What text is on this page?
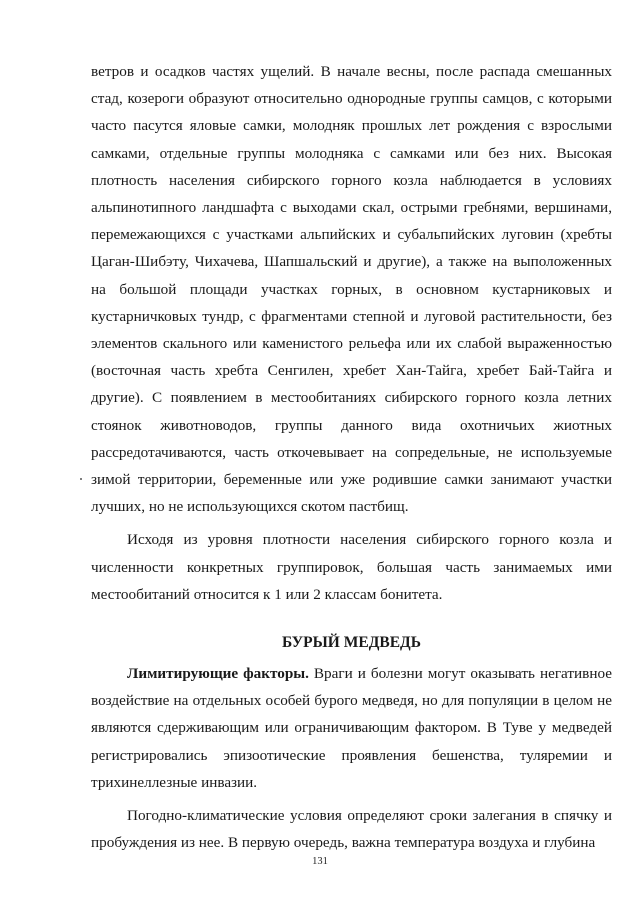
ветров и осадков частях ущелий. В начале весны, после распада смешанных стад, козероги образуют относительно однородные группы самцов, с которыми часто пасутся яловые самки, молодняк прошлых лет рождения с взрослыми самками, отдельные группы молодняка с самками или без них. Высокая плотность населения сибирского горного козла наблюдается в условиях альпинотипного ландшафта с выходами скал, острыми гребнями, вершинами, перемежающихся с участками альпийских и субальпийских луговин (хребты Цаган-Шибэту, Чихачева, Шапшальский и другие), а также на выположенных на большой площади участках горных, в основном кустарниковых и кустарничковых тундр, с фрагментами степной и луговой растительности, без элементов скального или каменистого рельефа или их слабой выраженностью (восточная часть хребта Сенгилен, хребет Хан-Тайга, хребет Бай-Тайга и другие). С появлением в местообитаниях сибирского горного козла летних стоянок животноводов, группы данного вида охотничьих жиотных рассредотачиваются, часть откочевывает на сопредельные, не используемые зимой территории, беременные или уже родившие самки занимают участки лучших, но не использующихся скотом пастбищ.

Исходя из уровня плотности населения сибирского горного козла и численности конкретных группировок, большая часть занимаемых ими местообитаний относится к 1 или 2 классам бонитета.

БУРЫЙ МЕДВЕДЬ

Лимитирующие факторы. Враги и болезни могут оказывать негативное воздействие на отдельных особей бурого медведя, но для популяции в целом не являются сдерживающим или ограничивающим фактором. В Туве у медведей регистрировались эпизоотические проявления бешенства, туляремии и трихинеллезные инвазии.

Погодно-климатические условия определяют сроки залегания в спячку и пробуждения из нее. В первую очередь, важна температура воздуха и глубина

131
